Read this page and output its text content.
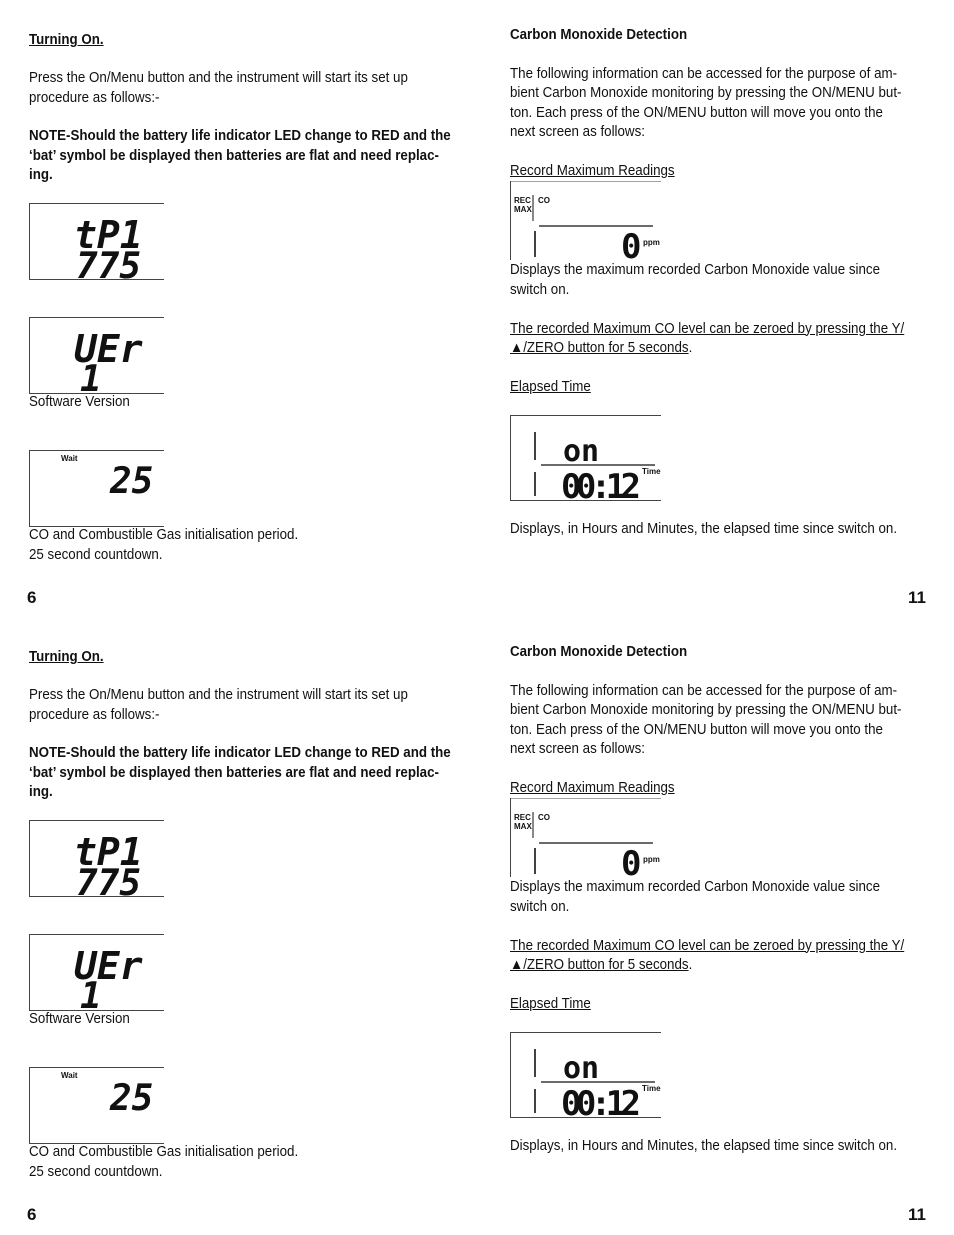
Turning On.

Press the On/Menu button and the instrument will start its set up

procedure as follows:-

NOTE-Should the battery life indicator LED change to RED and the

‘bat’ symbol be displayed then batteries are flat and need replac-

ing.

tP1
775
UEr
1

Software Version

Wait
25

CO and Combustible Gas initialisation period.

25 second countdown.

Carbon Monoxide Detection

The following information can be accessed for the purpose of am-

bient Carbon Monoxide monitoring by pressing the ON/MENU but-

ton. Each press of the ON/MENU button will move you onto the

next screen as follows:

Record Maximum Readings

REC
MAX
CO
0 ppm

Displays the maximum recorded Carbon Monoxide value since

switch on.

The recorded Maximum CO level can be zeroed by pressing the Y/

▲/ZERO button for 5 seconds.

Elapsed Time

on
00:12 Time

Displays, in Hours and Minutes, the elapsed time since switch on.

6	11

Turning On.

Press the On/Menu button and the instrument will start its set up

procedure as follows:-

NOTE-Should the battery life indicator LED change to RED and the

‘bat’ symbol be displayed then batteries are flat and need replac-

ing.

tP1
775
UEr
1

Software Version

Wait
25

CO and Combustible Gas initialisation period.

25 second countdown.

Carbon Monoxide Detection

The following information can be accessed for the purpose of am-

bient Carbon Monoxide monitoring by pressing the ON/MENU but-

ton. Each press of the ON/MENU button will move you onto the

next screen as follows:

Record Maximum Readings

REC
MAX
CO
0 ppm

Displays the maximum recorded Carbon Monoxide value since

switch on.

The recorded Maximum CO level can be zeroed by pressing the Y/

▲/ZERO button for 5 seconds.

Elapsed Time

on
00:12 Time

Displays, in Hours and Minutes, the elapsed time since switch on.

6	11
